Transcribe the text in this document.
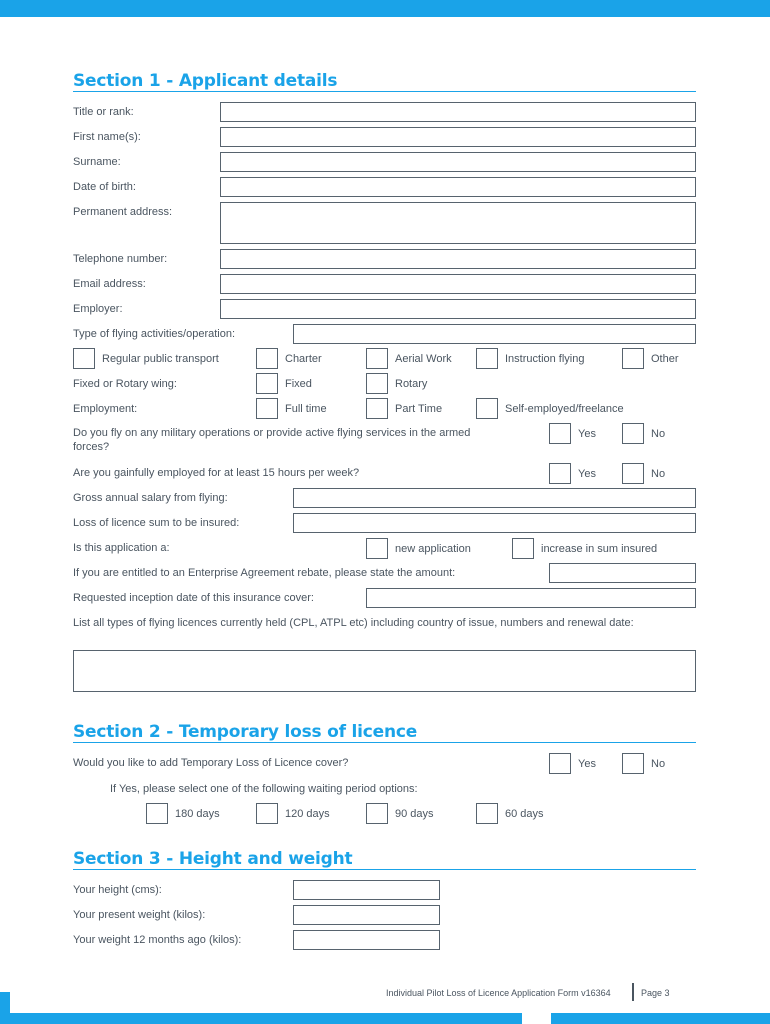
Section 1 - Applicant details
Title or rank:
First name(s):
Surname:
Date of birth:
Permanent address:
Telephone number:
Email address:
Employer:
Type of flying activities/operation:
Regular public transport	Charter	Aerial Work	Instruction flying	Other
Fixed or Rotary wing:	Fixed	Rotary
Employment:	Full time	Part Time	Self-employed/freelance
Do you fly on any military operations or provide active flying services in the armed forces?
Yes	No
Are you gainfully employed for at least 15 hours per week?	Yes	No
Gross annual salary from flying:
Loss of licence sum to be insured:
Is this application a:	new application	increase in sum insured
If you are entitled to an Enterprise Agreement rebate, please state the amount:
Requested inception date of this insurance cover:
List all types of flying licences currently held (CPL, ATPL etc) including country of issue, numbers and renewal date:
Section 2 - Temporary loss of licence
Would you like to add Temporary Loss of Licence cover?	Yes	No
If Yes, please select one of the following waiting period options:
180 days	120 days	90 days	60 days
Section 3 - Height and weight
Your height (cms):
Your present weight (kilos):
Your weight 12 months ago (kilos):
Individual Pilot Loss of Licence Application Form v16364	Page 3
